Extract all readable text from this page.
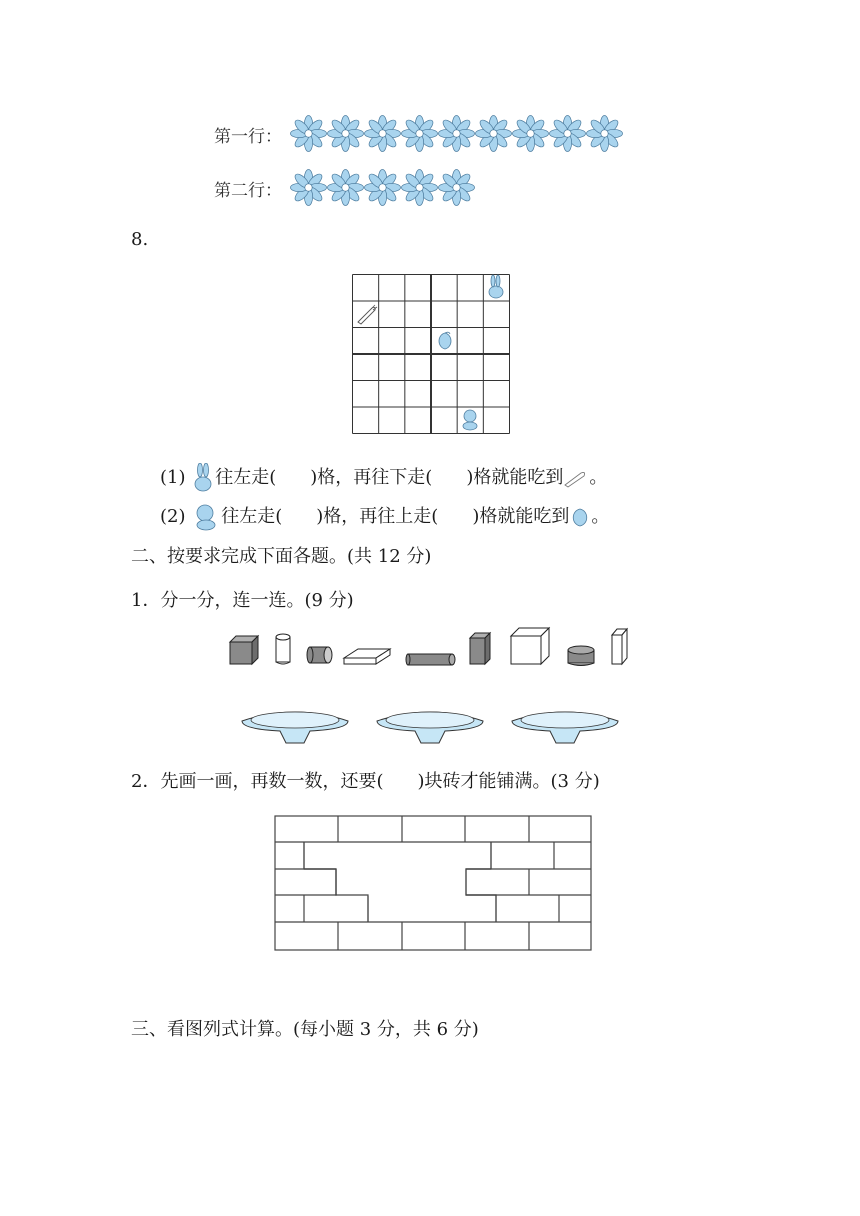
第一行：
第二行：
8.
(1) 往左走( )格，再往下走( )格就能吃到 。
(2) 往左走( )格，再往上走( )格就能吃到 。
二、按要求完成下面各题。(共 12 分)
1．分一分，连一连。(9 分)
2．先画一画，再数一数，还要( )块砖才能铺满。(3 分)
三、看图列式计算。(每小题 3 分，共 6 分)
